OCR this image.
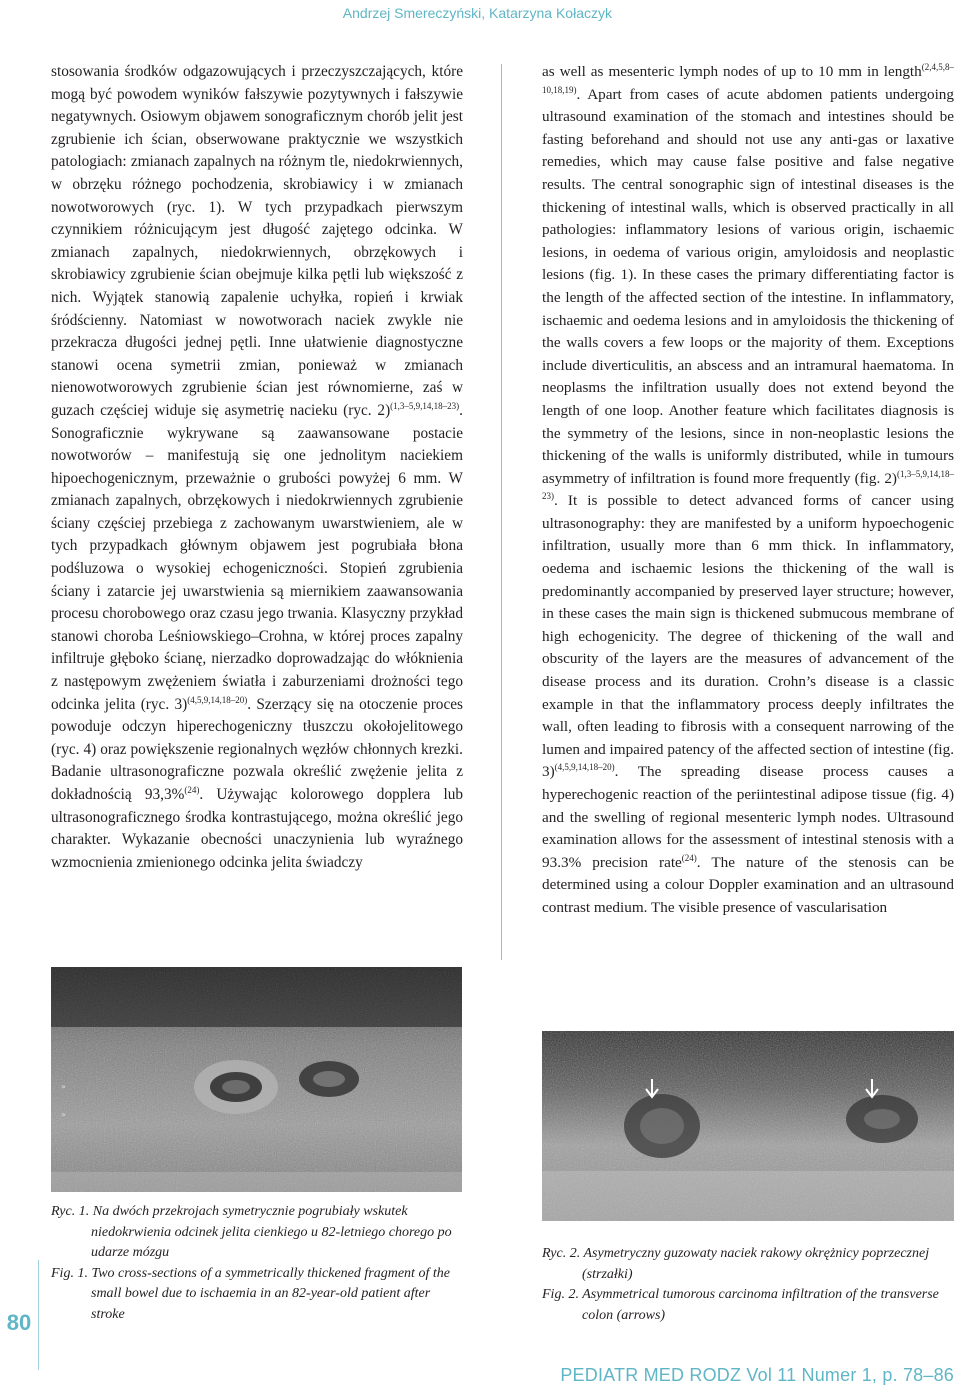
Andrzej Smereczyński, Katarzyna Kołaczyk

stosowania środków odgazowujących i przeczyszczających, które mogą być powodem wyników fałszywie pozytywnych i fałszywie negatywnych. Osiowym objawem sonograficznym chorób jelit jest zgrubienie ich ścian, obserwowane praktycznie we wszystkich patologiach: zmianach zapalnych na różnym tle, niedokrwiennych, w obrzęku różnego pochodzenia, skrobiawicy i w zmianach nowotworowych (ryc. 1). W tych przypadkach pierwszym czynnikiem różnicującym jest długość zajętego odcinka. W zmianach zapalnych, niedokrwiennych, obrzękowych i skrobiawicy zgrubienie ścian obejmuje kilka pętli lub większość z nich. Wyjątek stanowią zapalenie uchyłka, ropień i krwiak śródścienny. Natomiast w nowotworach naciek zwykle nie przekracza długości jednej pętli. Inne ułatwienie diagnostyczne stanowi ocena symetrii zmian, ponieważ w zmianach nienowotworowych zgrubienie ścian jest równomierne, zaś w guzach częściej widuje się asymetrię nacieku (ryc. 2)$^{(1,3-5,9,14,18-23)}$. Sonograficznie wykrywane są zaawansowane postacie nowotworów – manifestują się one jednolitym naciekiem hipoechogenicznym, przeważnie o grubości powyżej 6 mm. W zmianach zapalnych, obrzękowych i niedokrwiennych zgrubienie ściany częściej przebiega z zachowanym uwarstwieniem, ale w tych przypadkach głównym objawem jest pogrubiała błona podśluzowa o wysokiej echogeniczności. Stopień zgrubienia ściany i zatarcie jej uwarstwienia są miernikiem zaawansowania procesu chorobowego oraz czasu jego trwania. Klasyczny przykład stanowi choroba Leśniowskiego–Crohna, w której proces zapalny infiltruje głęboko ścianę, nierzadko doprowadzając do włóknienia z następowym zwężeniem światła i zaburzeniami drożności tego odcinka jelita (ryc. 3)$^{(4,5,9,14,18-20)}$. Szerzący się na otoczenie proces powoduje odczyn hiperechogeniczny tłuszczu okołojelitowego (ryc. 4) oraz powiększenie regionalnych węzłów chłonnych krezki. Badanie ultrasonograficzne pozwala określić zwężenie jelita z dokładnością 93,3%$^{(24)}$. Używając kolorowego dopplera lub ultrasonograficznego środka kontrastującego, można określić jego charakter. Wykazanie obecności unaczynienia lub wyraźnego wzmocnienia zmienionego odcinka jelita świadczy

as well as mesenteric lymph nodes of up to 10 mm in length$^{(2,4,5,8-10,18,19)}$. Apart from cases of acute abdomen patients undergoing ultrasound examination of the stomach and intestines should be fasting beforehand and should not use any anti-gas or laxative remedies, which may cause false positive and false negative results. The central sonographic sign of intestinal diseases is the thickening of intestinal walls, which is observed practically in all pathologies: inflammatory lesions of various origin, ischaemic lesions, in oedema of various origin, amyloidosis and neoplastic lesions (fig. 1). In these cases the primary differentiating factor is the length of the affected section of the intestine. In inflammatory, ischaemic and oedema lesions and in amyloidosis the thickening of the walls covers a few loops or the majority of them. Exceptions include diverticulitis, an abscess and an intramural haematoma. In neoplasms the infiltration usually does not extend beyond the length of one loop. Another feature which facilitates diagnosis is the symmetry of the lesions, since in non-neoplastic lesions the thickening of the walls is uniformly distributed, while in tumours asymmetry of infiltration is found more frequently (fig. 2)$^{(1,3-5,9,14,18-23)}$. It is possible to detect advanced forms of cancer using ultrasonography: they are manifested by a uniform hypoechogenic infiltration, usually more than 6 mm thick. In inflammatory, oedema and ischaemic lesions the thickening of the wall is predominantly accompanied by preserved layer structure; however, in these cases the main sign is thickened submucous membrane of high echogenicity. The degree of thickening of the wall and obscurity of the layers are the measures of advancement of the disease process and its duration. Crohn’s disease is a classic example in that the inflammatory process deeply infiltrates the wall, often leading to fibrosis with a consequent narrowing of the lumen and impaired patency of the affected section of intestine (fig. 3)$^{(4,5,9,14,18-20)}$. The spreading disease process causes a hyperechogenic reaction of the periintestinal adipose tissue (fig. 4) and the swelling of regional mesenteric lymph nodes. Ultrasound examination allows for the assessment of intestinal stenosis with a 93.3% precision rate$^{(24)}$. The nature of the stenosis can be determined using a colour Doppler examination and an ultrasound contrast medium. The visible presence of vascularisation

»
»

Ryc. 1. Na dwóch przekrojach symetrycznie pogrubiały wskutek niedokrwienia odcinek jelita cienkiego u 82-letniego chorego po udarze mózgu

Fig. 1. Two cross-sections of a symmetrically thickened fragment of the small bowel due to ischaemia in an 82-year-old patient after stroke

Ryc. 2. Asymetryczny guzowaty naciek rakowy okrężnicy poprzecznej (strzałki)

Fig. 2. Asymmetrical tumorous carcinoma infiltration of the transverse colon (arrows)

80
PEDIATR MED RODZ Vol 11 Numer 1, p. 78–86
